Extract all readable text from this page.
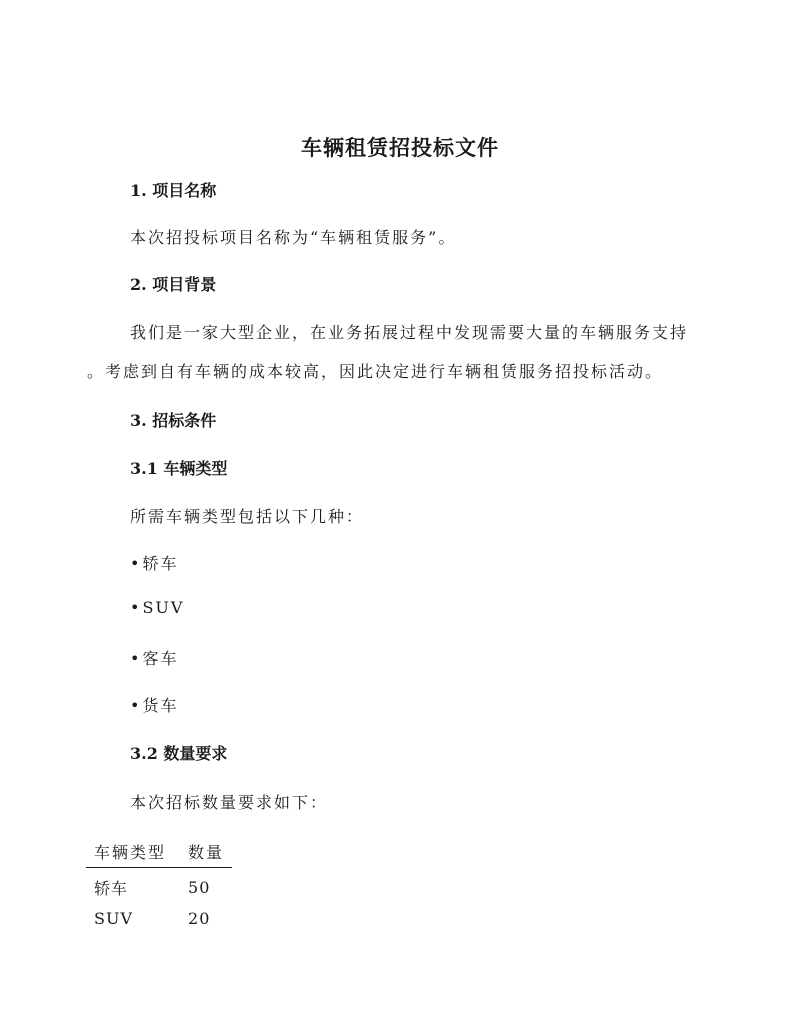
车辆租赁招投标文件
1. 项目名称

本次招投标项目名称为“车辆租赁服务”。

2. 项目背景

我们是一家大型企业，在业务拓展过程中发现需要大量的车辆服务支持

。考虑到自有车辆的成本较高，因此决定进行车辆租赁服务招投标活动。

3. 招标条件
3.1 车辆类型

所需车辆类型包括以下几种：

• 轿车

• SUV

• 客车

• 货车

3.2 数量要求

本次招标数量要求如下：

车辆类型	数量
轿车	50
SUV	20
